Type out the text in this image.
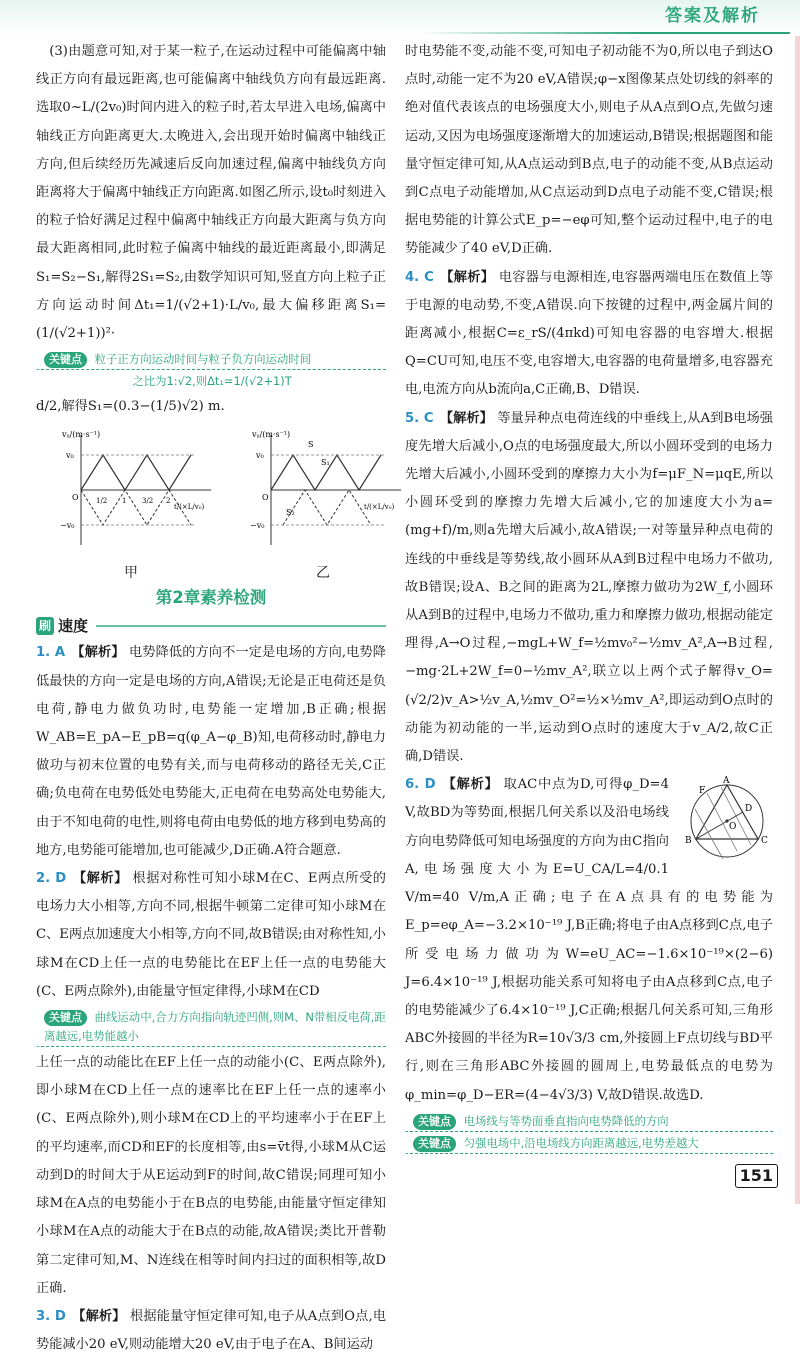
答案及解析

(3)由题意可知,对于某一粒子,在运动过程中可能偏离中轴线正方向有最远距离,也可能偏离中轴线负方向有最远距离.选取0~L/(2v₀)时间内进入的粒子时,若太早进入电场,偏离中轴线正方向距离更大.太晚进入,会出现开始时偏离中轴线正方向,但后续经历先减速后反向加速过程,偏离中轴线负方向距离将大于偏离中轴线正方向距离.如图乙所示,设t₀时刻进入的粒子恰好满足过程中偏离中轴线正方向最大距离与负方向最大距离相同,此时粒子偏离中轴线的最近距离最小,即满足S₁=S₂−S₁,解得2S₁=S₂,由数学知识可知,竖直方向上粒子正方向运动时间Δt₁=1/(√2+1)·L/v₀,最大偏移距离S₁=(1/(√2+1))²·

关键点 粒子正方向运动时间与粒子负方向运动时间
之比为1:√2,则Δt₁=1/(√2+1)T

d/2,解得S₁=(0.3−(1/5)√2) m.

vᵧ/(m·s⁻¹)
v₀
−v₀
O 1/2 1 3/2 2
t/(×L/v₀)
vᵧ/(m·s⁻¹)
v₀
−v₀
O
S
S₁
S₂
t/(×L/v₀)
甲	乙
第2章素养检测
刷 速度

1. A 【解析】 电势降低的方向不一定是电场的方向,电势降低最快的方向一定是电场的方向,A错误;无论是正电荷还是负电荷,静电力做负功时,电势能一定增加,B正确;根据W_AB=E_pA−E_pB=q(φ_A−φ_B)知,电荷移动时,静电力做功与初末位置的电势有关,而与电荷移动的路径无关,C正确;负电荷在电势低处电势能大,正电荷在电势高处电势能大,由于不知电荷的电性,则将电荷由电势低的地方移到电势高的地方,电势能可能增加,也可能减少,D正确.A符合题意.

2. D 【解析】 根据对称性可知小球M在C、E两点所受的电场力大小相等,方向不同,根据牛顿第二定律可知小球M在C、E两点加速度大小相等,方向不同,故B错误;由对称性知,小球M在CD上任一点的电势能比在EF上任一点的电势能大(C、E两点除外),由能量守恒定律得,小球M在CD

关键点 曲线运动中,合力方向指向轨迹凹侧,则M、N带相反电荷,距离越远,电势能越小

上任一点的动能比在EF上任一点的动能小(C、E两点除外),即小球M在CD上任一点的速率比在EF上任一点的速率小(C、E两点除外),则小球M在CD上的平均速率小于在EF上的平均速率,而CD和EF的长度相等,由s=v̄t得,小球M从C运动到D的时间大于从E运动到F的时间,故C错误;同理可知小球M在A点的电势能小于在B点的电势能,由能量守恒定律知小球M在A点的动能大于在B点的动能,故A错误;类比开普勒第二定律可知,M、N连线在相等时间内扫过的面积相等,故D正确.

3. D 【解析】 根据能量守恒定律可知,电子从A点到O点,电势能减小20 eV,则动能增大20 eV,由于电子在A、B间运动

时电势能不变,动能不变,可知电子初动能不为0,所以电子到达O点时,动能一定不为20 eV,A错误;φ−x图像某点处切线的斜率的绝对值代表该点的电场强度大小,则电子从A点到O点,先做匀速运动,又因为电场强度逐渐增大的加速运动,B错误;根据题图和能量守恒定律可知,从A点运动到B点,电子的动能不变,从B点运动到C点电子动能增加,从C点运动到D点电子动能不变,C错误;根据电势能的计算公式E_p=−eφ可知,整个运动过程中,电子的电势能减少了40 eV,D正确.

4. C 【解析】 电容器与电源相连,电容器两端电压在数值上等于电源的电动势,不变,A错误.向下按键的过程中,两金属片间的距离减小,根据C=ε_rS/(4πkd)可知电容器的电容增大.根据Q=CU可知,电压不变,电容增大,电容器的电荷量增多,电容器充电,电流方向从b流向a,C正确,B、D错误.

5. C 【解析】 等量异种点电荷连线的中垂线上,从A到B电场强度先增大后减小,O点的电场强度最大,所以小圆环受到的电场力先增大后减小,小圆环受到的摩擦力大小为f=μF_N=μqE,所以小圆环受到的摩擦力先增大后减小,它的加速度大小为a=(mg+f)/m,则a先增大后减小,故A错误;一对等量异种点电荷的连线的中垂线是等势线,故小圆环从A到B过程中电场力不做功,故B错误;设A、B之间的距离为2L,摩擦力做功为2W_f,小圆环从A到B的过程中,电场力不做功,重力和摩擦力做功,根据动能定理得,A→O过程,−mgL+W_f=½mv₀²−½mv_A²,A→B过程,−mg·2L+2W_f=0−½mv_A²,联立以上两个式子解得v_O=(√2/2)v_A>½v_A,½mv_O²=½×½mv_A²,即运动到O点时的动能为初动能的一半,运动到O点时的速度大于v_A/2,故C正确,D错误.

A
B	C
D
O
F
6. D 【解析】 取AC中点为D,可得φ_D=4 V,故BD为等势面,根据几何关系以及沿电场线方向电势降低可知电场强度的方向为由C指向A,电场强度大小为E=U_CA/L=4/0.1 V/m=40 V/m,A正确;电子在A点具有的电势能为E_p=eφ_A=−3.2×10⁻¹⁹ J,B正确;将电子由A点移到C点,电子所受电场力做功为W=eU_AC=−1.6×10⁻¹⁹×(2−6) J=6.4×10⁻¹⁹ J,根据功能关系可知将电子由A点移到C点,电子的电势能减少了6.4×10⁻¹⁹ J,C正确;根据几何关系可知,三角形ABC外接圆的半径为R=10√3/3 cm,外接圆上F点切线与BD平行,则在三角形ABC外接圆的圆周上,电势最低点的电势为φ_min=φ_D−ER=(4−4√3/3) V,故D错误.故选D.
关键点 电场线与等势面垂直指向电势降低的方向
关键点 匀强电场中,沿电场线方向距离越远,电势差越大
151
